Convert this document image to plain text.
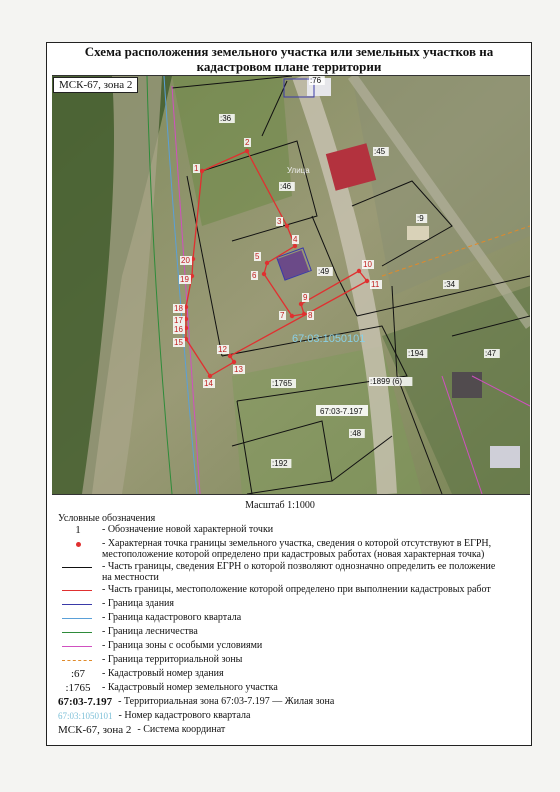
Схема расположения земельного участка или земельных участков на кадастровом плане территории
1
2
3
4
5
6
7	8
9
10
11
12
13
14
15
16
17
18
19
20
:36
:76
:45
:46
:9
:49
:34
:47
:194
:1765
:48
:192
:1899 (6)
67:03:1050101
67:03-7.197
Улица
МСК-67, зона 2
Масштаб 1:1000
Условные обозначения
1	- Обозначение новой характерной точки
- Характерная точка границы земельного участка, сведения о которой отсутствуют в ЕГРН, местоположение которой определено при кадастровых работах (новая характерная точка)
- Часть границы, сведения ЕГРН о которой позволяют однозначно определить ее положение на местности
- Часть границы, местоположение которой определено при выполнении кадастровых работ
- Граница здания
- Граница кадастрового квартала
- Граница лесничества
- Граница зоны с особыми условиями
- Граница территориальной зоны
:67	- Кадастровый номер здания
:1765	- Кадастровый номер земельного участка
67:03-7.197 - Территориальная зона 67:03-7.197 — Жилая зона
67:03:1050101 - Номер кадастрового квартала
МСК-67, зона 2 - Система координат
